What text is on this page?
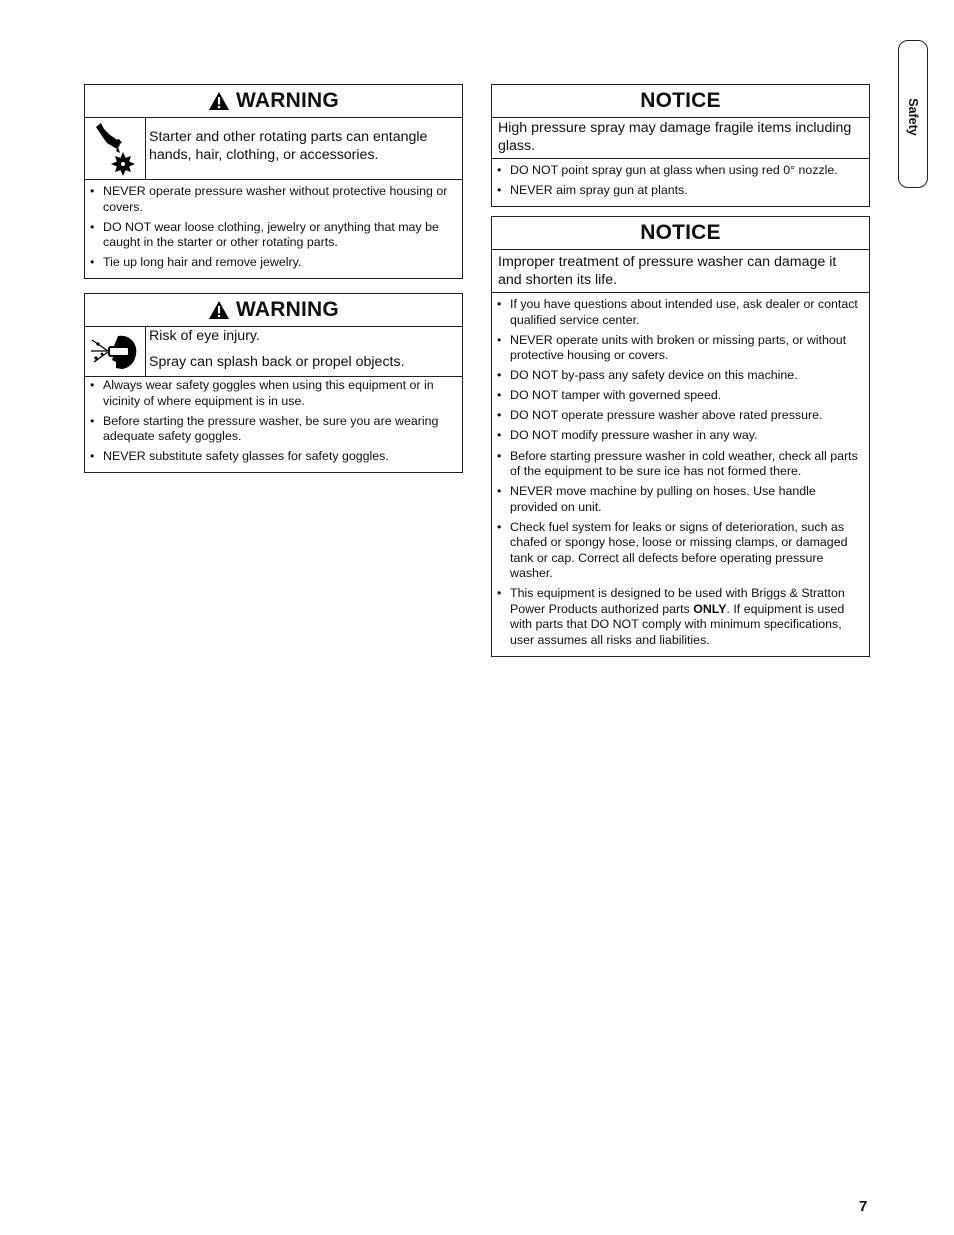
Safety
WARNING
Starter and other rotating parts can entangle hands, hair, clothing, or accessories.
• NEVER operate pressure washer without protective housing or covers.
• DO NOT wear loose clothing, jewelry or anything that may be caught in the starter or other rotating parts.
• Tie up long hair and remove jewelry.
WARNING

Risk of eye injury.

Spray can splash back or propel objects.

• Always wear safety goggles when using this equipment or in vicinity of where equipment is in use.
• Before starting the pressure washer, be sure you are wearing adequate safety goggles.
• NEVER substitute safety glasses for safety goggles.
NOTICE
High pressure spray may damage fragile items including glass.
• DO NOT point spray gun at glass when using red 0° nozzle.
• NEVER aim spray gun at plants.
NOTICE
Improper treatment of pressure washer can damage it and shorten its life.
• If you have questions about intended use, ask dealer or contact qualified service center.
• NEVER operate units with broken or missing parts, or without protective housing or covers.
• DO NOT by-pass any safety device on this machine.
• DO NOT tamper with governed speed.
• DO NOT operate pressure washer above rated pressure.
• DO NOT modify pressure washer in any way.
• Before starting pressure washer in cold weather, check all parts of the equipment to be sure ice has not formed there.
• NEVER move machine by pulling on hoses. Use handle provided on unit.
• Check fuel system for leaks or signs of deterioration, such as chafed or spongy hose, loose or missing clamps, or damaged tank or cap. Correct all defects before operating pressure washer.
• This equipment is designed to be used with Briggs & Stratton Power Products authorized parts ONLY. If equipment is used with parts that DO NOT comply with minimum specifications, user assumes all risks and liabilities.
7
